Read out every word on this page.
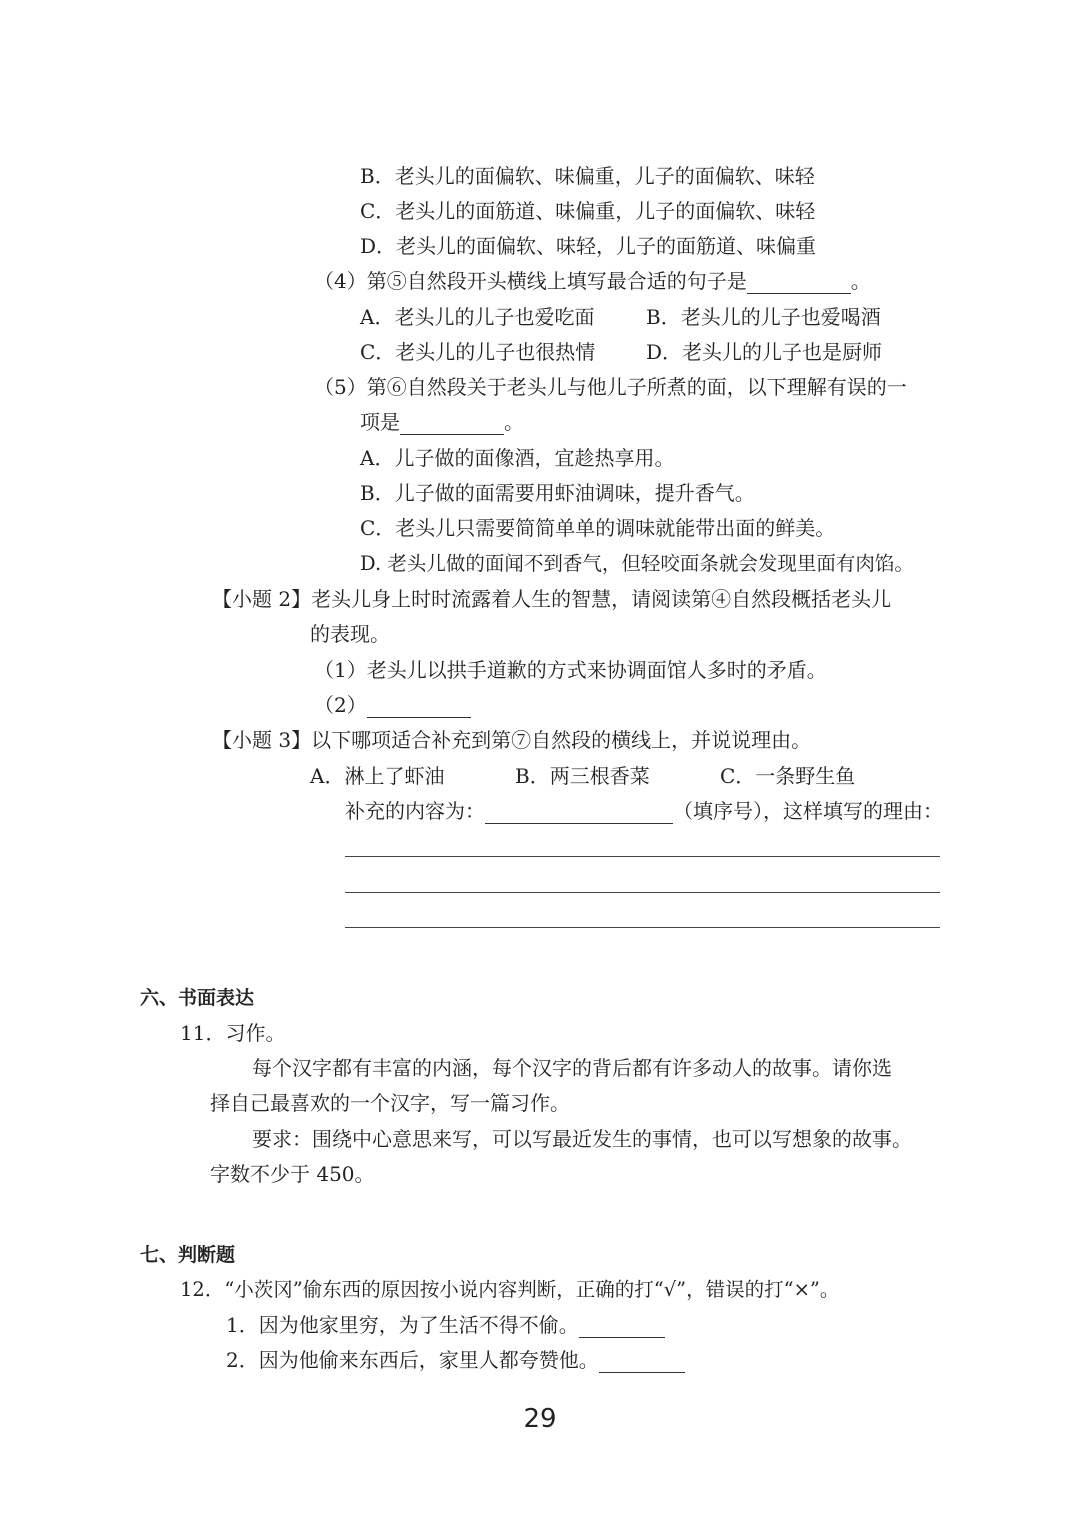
B．老头儿的面偏软、味偏重，儿子的面偏软、味轻
C．老头儿的面筋道、味偏重，儿子的面偏软、味轻
D．老头儿的面偏软、味轻，儿子的面筋道、味偏重
（4）第⑤自然段开头横线上填写最合适的句子是	。
A．老头儿的儿子也爱吃面	B．老头儿的儿子也爱喝酒
C．老头儿的儿子也很热情	D．老头儿的儿子也是厨师
（5）第⑥自然段关于老头儿与他儿子所煮的面，以下理解有误的一
项是	。
A．儿子做的面像酒，宜趁热享用。
B．儿子做的面需要用虾油调味，提升香气。
C．老头儿只需要简简单单的调味就能带出面的鲜美。
D. 老头儿做的面闻不到香气，但轻咬面条就会发现里面有肉馅。
【小题 2】老头儿身上时时流露着人生的智慧，请阅读第④自然段概括老头儿
的表现。
（1）老头儿以拱手道歉的方式来协调面馆人多时的矛盾。
（2）
【小题 3】以下哪项适合补充到第⑦自然段的横线上，并说说理由。
A．淋上了虾油	B．两三根香菜	C．一条野生鱼
补充的内容为：	（填序号），这样填写的理由：
六、书面表达
11．习作。
每个汉字都有丰富的内涵，每个汉字的背后都有许多动人的故事。请你选
择自己最喜欢的一个汉字，写一篇习作。
要求：围绕中心意思来写，可以写最近发生的事情，也可以写想象的故事。
字数不少于 450。
七、判断题
12．“小茨冈”偷东西的原因按小说内容判断，正确的打“√”，错误的打“×”。
1．因为他家里穷，为了生活不得不偷。
2．因为他偷来东西后，家里人都夸赞他。
29
